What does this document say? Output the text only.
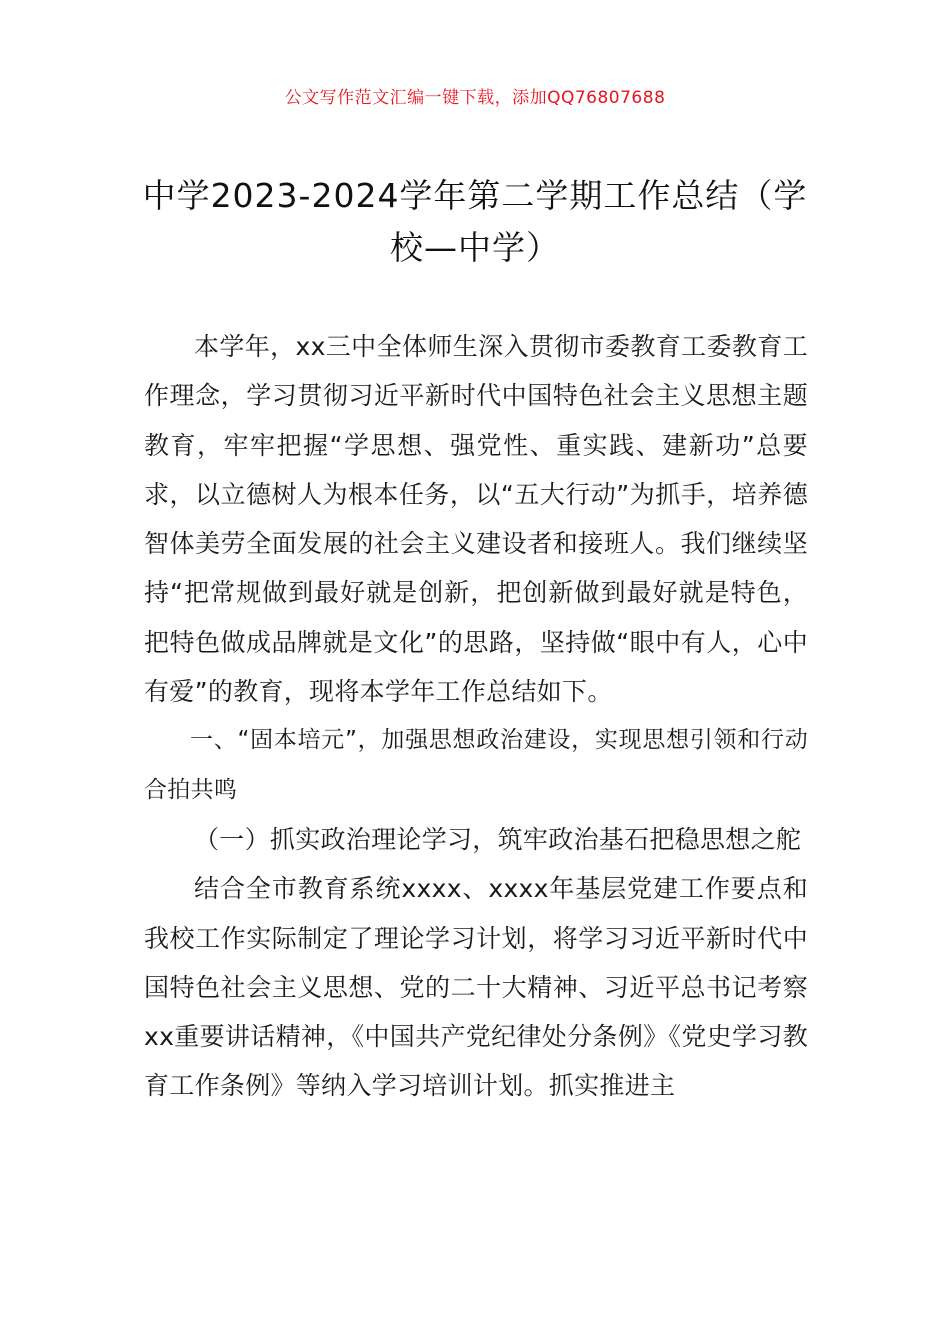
公文写作范文汇编一键下载，添加QQ76807688
中学2023-2024学年第二学期工作总结（学校—中学）

本学年，xx三中全体师生深入贯彻市委教育工委教育工作理念，学习贯彻习近平新时代中国特色社会主义思想主题教育，牢牢把握“学思想、强党性、重实践、建新功”总要求，以立德树人为根本任务，以“五大行动”为抓手，培养德智体美劳全面发展的社会主义建设者和接班人。我们继续坚持“把常规做到最好就是创新，把创新做到最好就是特色，把特色做成品牌就是文化”的思路，坚持做“眼中有人，心中有爱”的教育，现将本学年工作总结如下。

一、“固本培元”，加强思想政治建设，实现思想引领和行动合拍共鸣

（一）抓实政治理论学习，筑牢政治基石把稳思想之舵

结合全市教育系统xxxx、xxxx年基层党建工作要点和我校工作实际制定了理论学习计划，将学习习近平新时代中国特色社会主义思想、党的二十大精神、习近平总书记考察xx重要讲话精神，《中国共产党纪律处分条例》《党史学习教育工作条例》等纳入学习培训计划。抓实推进主
